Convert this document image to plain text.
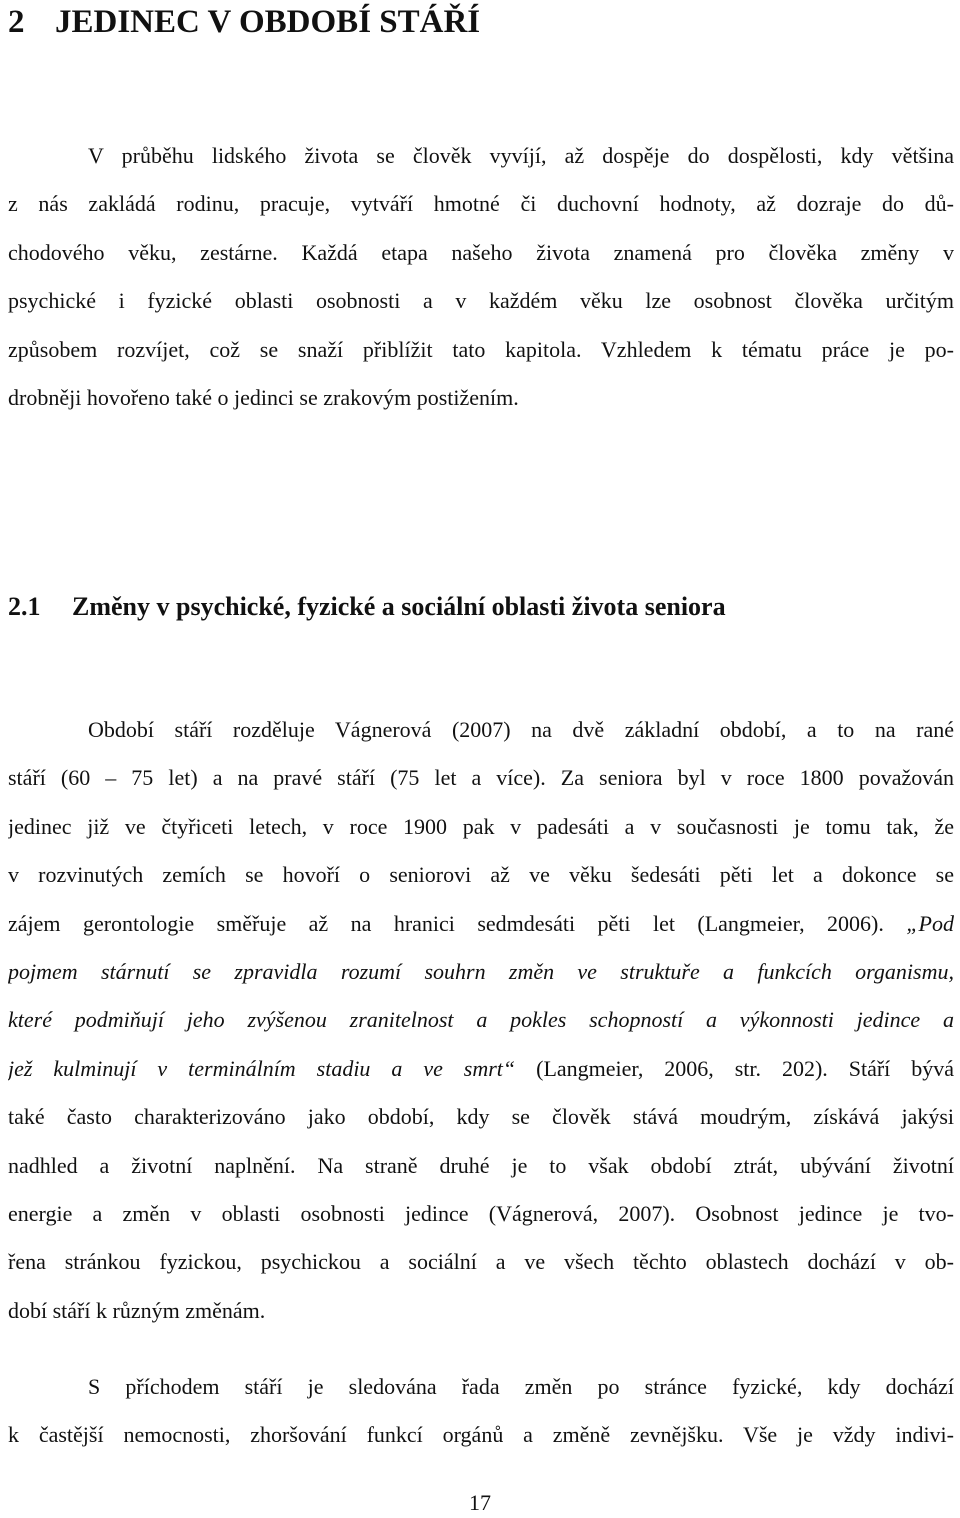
2 JEDINEC V OBDOBÍ STÁŘÍ
V průběhu lidského života se člověk vyvíjí, až dospěje do dospělosti, kdy většina
z nás zakládá rodinu, pracuje, vytváří hmotné či duchovní hodnoty, až dozraje do dů-
chodového věku, zestárne. Každá etapa našeho života znamená pro člověka změny v
psychické i fyzické oblasti osobnosti a v každém věku lze osobnost člověka určitým
způsobem rozvíjet, což se snaží přiblížit tato kapitola. Vzhledem k tématu práce je po-
drobněji hovořeno také o jedinci se zrakovým postižením.
2.1 Změny v psychické, fyzické a sociální oblasti života seniora
Období stáří rozděluje Vágnerová (2007) na dvě základní období, a to na rané
stáří (60 – 75 let) a na pravé stáří (75 let a více). Za seniora byl v roce 1800 považován
jedinec již ve čtyřiceti letech, v roce 1900 pak v padesáti a v současnosti je tomu tak, že
v rozvinutých zemích se hovoří o seniorovi až ve věku šedesáti pěti let a dokonce se
zájem gerontologie směřuje až na hranici sedmdesáti pěti let (Langmeier, 2006). „Pod
pojmem stárnutí se zpravidla rozumí souhrn změn ve struktuře a funkcích organismu,
které podmiňují jeho zvýšenou zranitelnost a pokles schopností a výkonnosti jedince a
jež kulminují v terminálním stadiu a ve smrt“ (Langmeier, 2006, str. 202). Stáří bývá
také často charakterizováno jako období, kdy se člověk stává moudrým, získává jakýsi
nadhled a životní naplnění. Na straně druhé je to však období ztrát, ubývání životní
energie a změn v oblasti osobnosti jedince (Vágnerová, 2007). Osobnost jedince je tvo-
řena stránkou fyzickou, psychickou a sociální a ve všech těchto oblastech dochází v ob-
dobí stáří k různým změnám.
S příchodem stáří je sledována řada změn po stránce fyzické, kdy dochází
k častější nemocnosti, zhoršování funkcí orgánů a změně zevnějšku. Vše je vždy indivi-
17
